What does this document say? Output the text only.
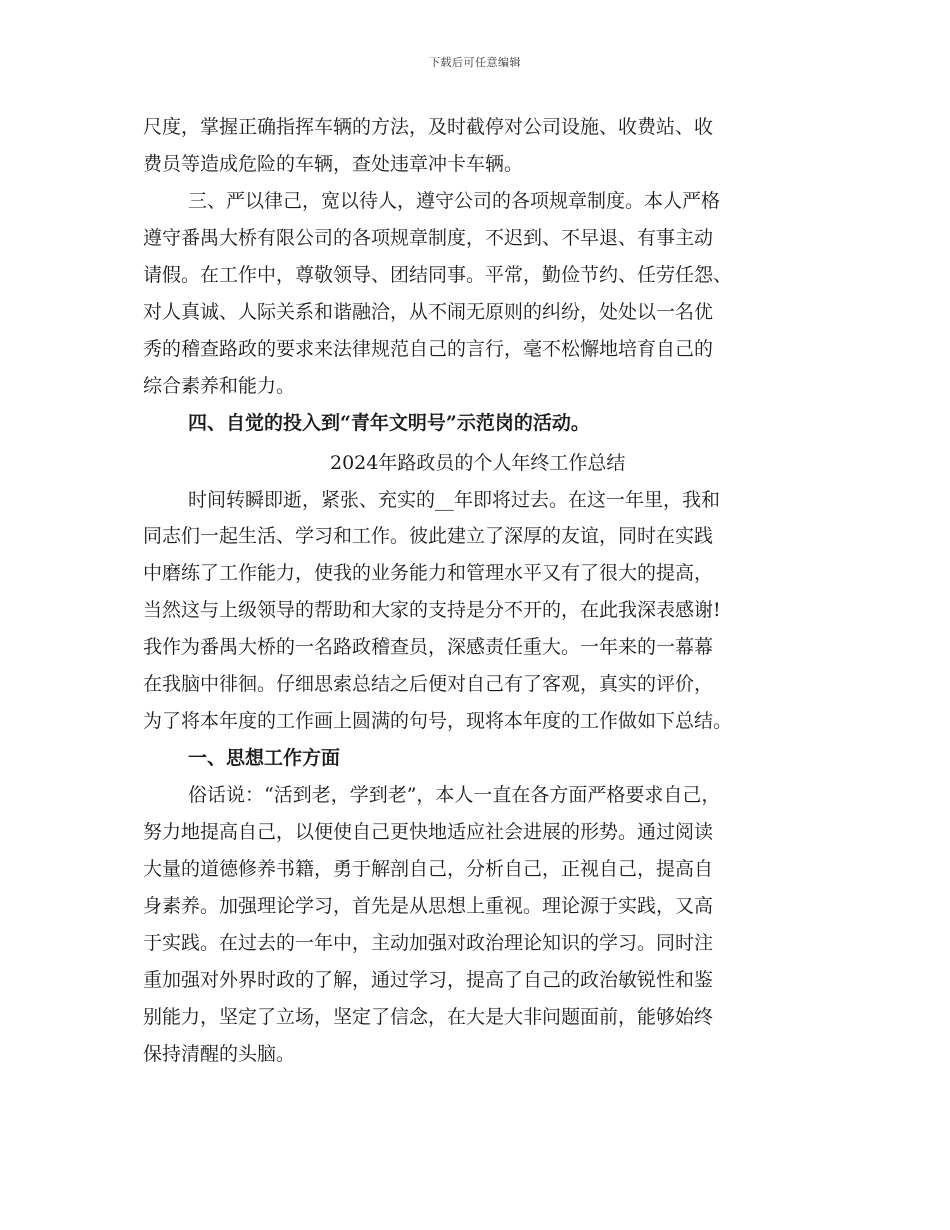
下载后可任意编辑
尺度，掌握正确指挥车辆的方法，及时截停对公司设施、收费站、收
费员等造成危险的车辆，查处违章冲卡车辆。
三、严以律己，宽以待人，遵守公司的各项规章制度。本人严格
遵守番禺大桥有限公司的各项规章制度，不迟到、不早退、有事主动
请假。在工作中，尊敬领导、团结同事。平常，勤俭节约、任劳任怨、
对人真诚、人际关系和谐融洽，从不闹无原则的纠纷，处处以一名优
秀的稽查路政的要求来法律规范自己的言行，毫不松懈地培育自己的
综合素养和能力。
四、自觉的投入到“青年文明号”示范岗的活动。
2024年路政员的个人年终工作总结
时间转瞬即逝，紧张、充实的__年即将过去。在这一年里，我和
同志们一起生活、学习和工作。彼此建立了深厚的友谊，同时在实践
中磨练了工作能力，使我的业务能力和管理水平又有了很大的提高，
当然这与上级领导的帮助和大家的支持是分不开的，在此我深表感谢!
我作为番禺大桥的一名路政稽查员，深感责任重大。一年来的一幕幕
在我脑中徘徊。仔细思索总结之后便对自己有了客观，真实的评价，
为了将本年度的工作画上圆满的句号，现将本年度的工作做如下总结。
一、思想工作方面
俗话说：“活到老，学到老”，本人一直在各方面严格要求自己，
努力地提高自己，以便使自己更快地适应社会进展的形势。通过阅读
大量的道德修养书籍，勇于解剖自己，分析自己，正视自己，提高自
身素养。加强理论学习，首先是从思想上重视。理论源于实践，又高
于实践。在过去的一年中，主动加强对政治理论知识的学习。同时注
重加强对外界时政的了解，通过学习，提高了自己的政治敏锐性和鉴
别能力，坚定了立场，坚定了信念，在大是大非问题面前，能够始终
保持清醒的头脑。
